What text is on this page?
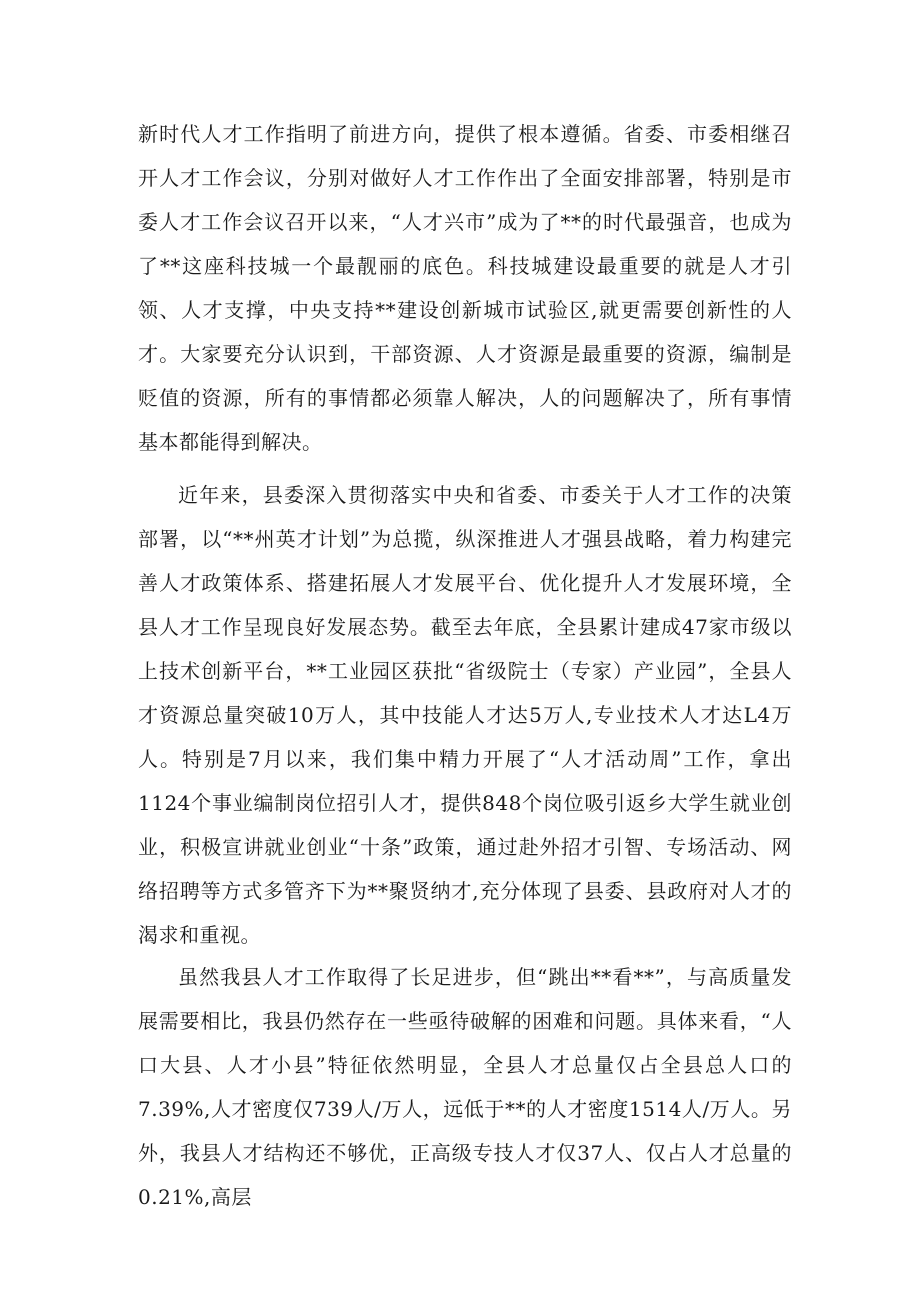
新时代人才工作指明了前进方向，提供了根本遵循。省委、市委相继召开人才工作会议，分别对做好人才工作作出了全面安排部署，特别是市委人才工作会议召开以来，“人才兴市”成为了**的时代最强音，也成为了**这座科技城一个最靓丽的底色。科技城建设最重要的就是人才引领、人才支撑，中央支持**建设创新城市试验区,就更需要创新性的人才。大家要充分认识到，干部资源、人才资源是最重要的资源，编制是贬值的资源，所有的事情都必须靠人解决，人的问题解决了，所有事情基本都能得到解决。

近年来，县委深入贯彻落实中央和省委、市委关于人才工作的决策部署，以“**州英才计划”为总揽，纵深推进人才强县战略，着力构建完善人才政策体系、搭建拓展人才发展平台、优化提升人才发展环境，全县人才工作呈现良好发展态势。截至去年底，全县累计建成47家市级以上技术创新平台，**工业园区获批“省级院士（专家）产业园”，全县人才资源总量突破10万人，其中技能人才达5万人,专业技术人才达L4万人。特别是7月以来，我们集中精力开展了“人才活动周”工作，拿出1124个事业编制岗位招引人才，提供848个岗位吸引返乡大学生就业创业，积极宣讲就业创业“十条”政策，通过赴外招才引智、专场活动、网络招聘等方式多管齐下为**聚贤纳才,充分体现了县委、县政府对人才的渴求和重视。

虽然我县人才工作取得了长足进步，但“跳出**看**”，与高质量发展需要相比，我县仍然存在一些亟待破解的困难和问题。具体来看，“人口大县、人才小县”特征依然明显，全县人才总量仅占全县总人口的7.39%,人才密度仅739人/万人，远低于**的人才密度1514人/万人。另外，我县人才结构还不够优，正高级专技人才仅37人、仅占人才总量的0.21%,高层
